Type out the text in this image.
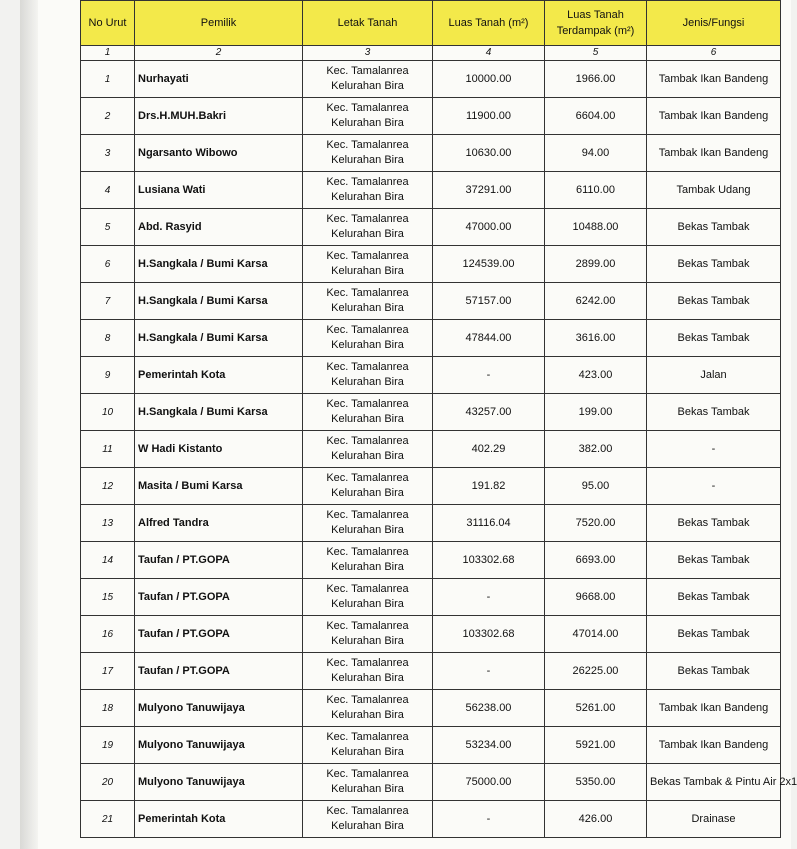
No Urut	Pemilik	Letak Tanah	Luas Tanah (m²)	Luas Tanah Terdampak (m²)	Jenis/Fungsi
1	2	3	4	5	6
1	Nurhayati	Kec. Tamalanrea
Kelurahan Bira	10000.00	1966.00	Tambak Ikan Bandeng
2	Drs.H.MUH.Bakri	Kec. Tamalanrea
Kelurahan Bira	11900.00	6604.00	Tambak Ikan Bandeng
3	Ngarsanto Wibowo	Kec. Tamalanrea
Kelurahan Bira	10630.00	94.00	Tambak Ikan Bandeng
4	Lusiana Wati	Kec. Tamalanrea
Kelurahan Bira	37291.00	6110.00	Tambak Udang
5	Abd. Rasyid	Kec. Tamalanrea
Kelurahan Bira	47000.00	10488.00	Bekas Tambak
6	H.Sangkala / Bumi Karsa	Kec. Tamalanrea
Kelurahan Bira	124539.00	2899.00	Bekas Tambak
7	H.Sangkala / Bumi Karsa	Kec. Tamalanrea
Kelurahan Bira	57157.00	6242.00	Bekas Tambak
8	H.Sangkala / Bumi Karsa	Kec. Tamalanrea
Kelurahan Bira	47844.00	3616.00	Bekas Tambak
9	Pemerintah Kota	Kec. Tamalanrea
Kelurahan Bira	-	423.00	Jalan
10	H.Sangkala / Bumi Karsa	Kec. Tamalanrea
Kelurahan Bira	43257.00	199.00	Bekas Tambak
11	W Hadi Kistanto	Kec. Tamalanrea
Kelurahan Bira	402.29	382.00	-
12	Masita / Bumi Karsa	Kec. Tamalanrea
Kelurahan Bira	191.82	95.00	-
13	Alfred Tandra	Kec. Tamalanrea
Kelurahan Bira	31116.04	7520.00	Bekas Tambak
14	Taufan / PT.GOPA	Kec. Tamalanrea
Kelurahan Bira	103302.68	6693.00	Bekas Tambak
15	Taufan / PT.GOPA	Kec. Tamalanrea
Kelurahan Bira	-	9668.00	Bekas Tambak
16	Taufan / PT.GOPA	Kec. Tamalanrea
Kelurahan Bira	103302.68	47014.00	Bekas Tambak
17	Taufan / PT.GOPA	Kec. Tamalanrea
Kelurahan Bira	-	26225.00	Bekas Tambak
18	Mulyono Tanuwijaya	Kec. Tamalanrea
Kelurahan Bira	56238.00	5261.00	Tambak Ikan Bandeng
19	Mulyono Tanuwijaya	Kec. Tamalanrea
Kelurahan Bira	53234.00	5921.00	Tambak Ikan Bandeng
20	Mulyono Tanuwijaya	Kec. Tamalanrea
Kelurahan Bira	75000.00	5350.00	Bekas Tambak & Pintu Air 2x1
21	Pemerintah Kota	Kec. Tamalanrea
Kelurahan Bira	-	426.00	Drainase
